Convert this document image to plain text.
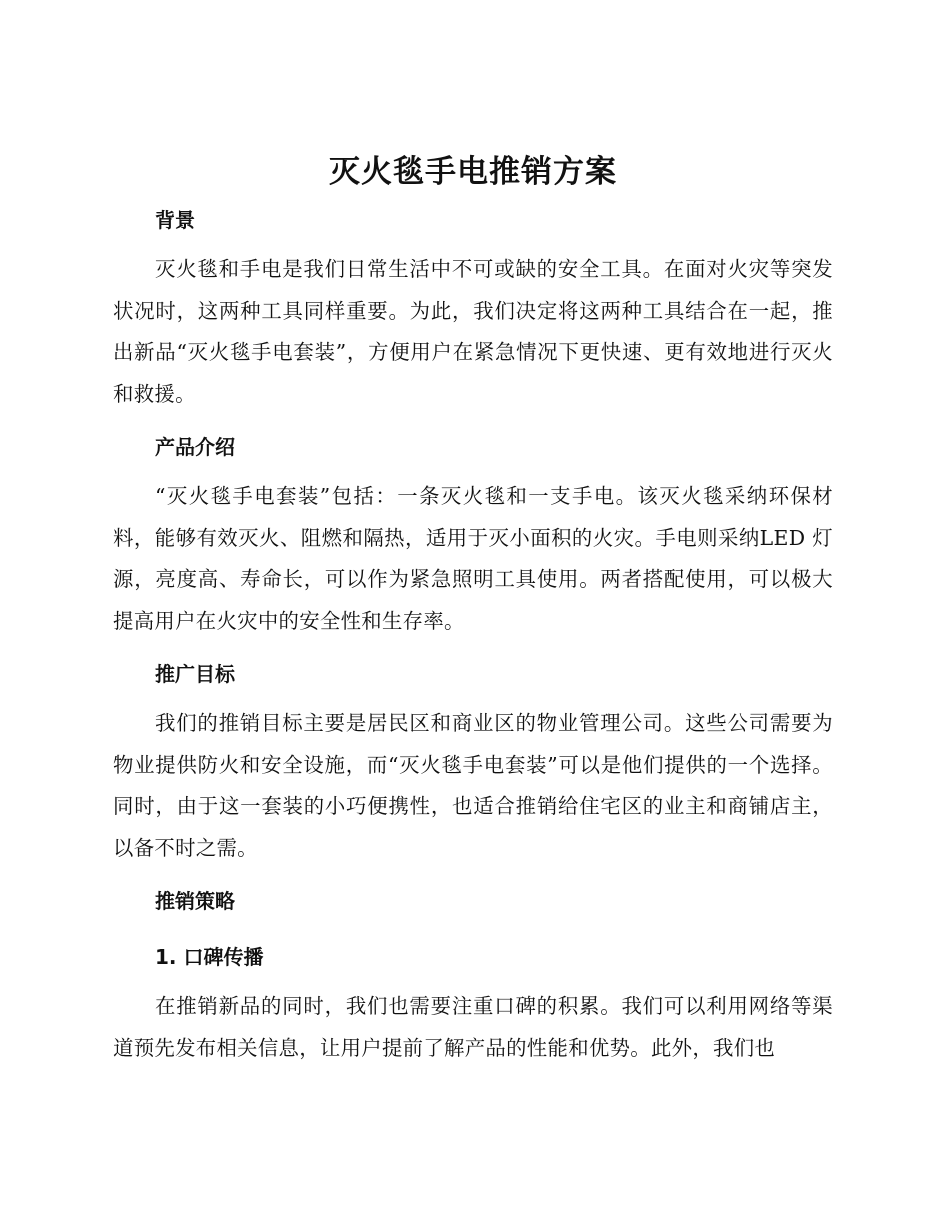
灭火毯手电推销方案
背景

灭火毯和手电是我们日常生活中不可或缺的安全工具。在面对火灾等突发状况时，这两种工具同样重要。为此，我们决定将这两种工具结合在一起，推出新品“灭火毯手电套装”，方便用户在紧急情况下更快速、更有效地进行灭火和救援。

产品介绍

“灭火毯手电套装”包括：一条灭火毯和一支手电。该灭火毯采纳环保材料，能够有效灭火、阻燃和隔热，适用于灭小面积的火灾。手电则采纳LED 灯源，亮度高、寿命长，可以作为紧急照明工具使用。两者搭配使用，可以极大提高用户在火灾中的安全性和生存率。

推广目标

我们的推销目标主要是居民区和商业区的物业管理公司。这些公司需要为物业提供防火和安全设施，而“灭火毯手电套装”可以是他们提供的一个选择。同时，由于这一套装的小巧便携性，也适合推销给住宅区的业主和商铺店主，以备不时之需。

推销策略
1. 口碑传播

在推销新品的同时，我们也需要注重口碑的积累。我们可以利用网络等渠道预先发布相关信息，让用户提前了解产品的性能和优势。此外，我们也
